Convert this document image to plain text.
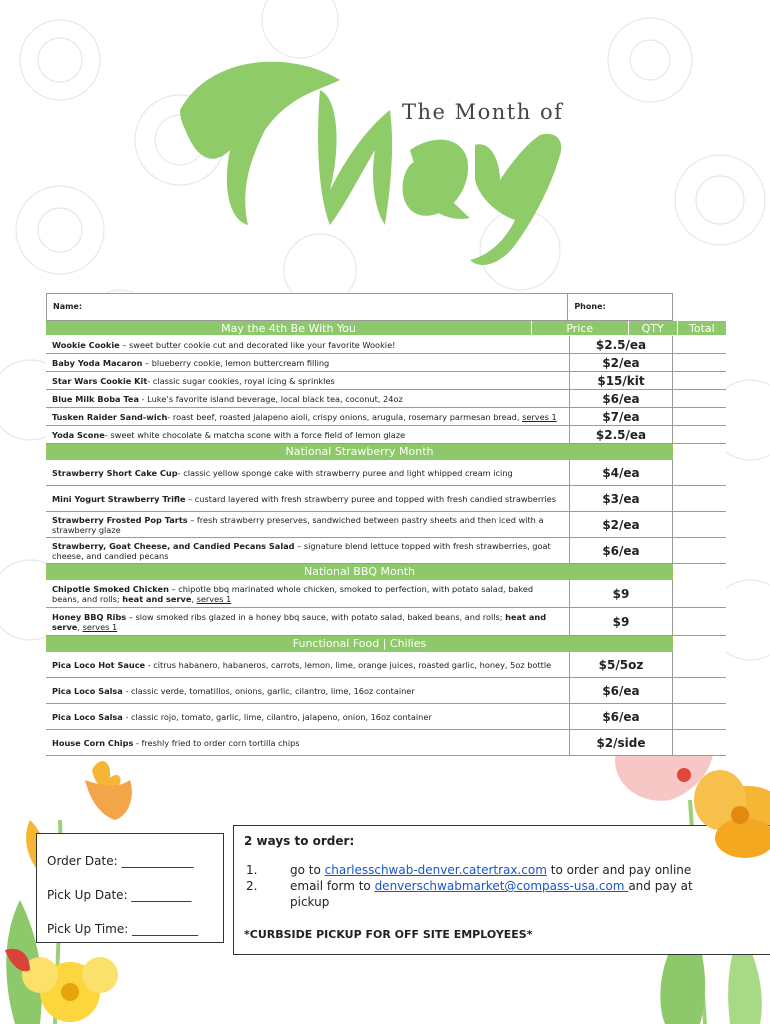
The Month of
Name:	Phone:
May the 4th Be With You	Price	QTY	Total
Wookie Cookie – sweet butter cookie cut and decorated like your favorite Wookie!	$2.5/ea
Baby Yoda Macaron – blueberry cookie, lemon buttercream filling	$2/ea
Star Wars Cookie Kit- classic sugar cookies, royal icing & sprinkles	$15/kit
Blue Milk Boba Tea - Luke’s favorite island beverage, local black tea, coconut, 24oz	$6/ea
Tusken Raider Sand-wich- roast beef, roasted jalapeno aioli, crispy onions, arugula, rosemary parmesan bread, serves 1	$7/ea
Yoda Scone- sweet white chocolate & matcha scone with a force field of lemon glaze	$2.5/ea
National Strawberry Month
Strawberry Short Cake Cup- classic yellow sponge cake with strawberry puree and light whipped cream icing	$4/ea
Mini Yogurt Strawberry Trifle – custard layered with fresh strawberry puree and topped with fresh candied strawberries	$3/ea
Strawberry Frosted Pop Tarts – fresh strawberry preserves, sandwiched between pastry sheets and then iced with a strawberry glaze	$2/ea
Strawberry, Goat Cheese, and Candied Pecans Salad – signature blend lettuce topped with fresh strawberries, goat cheese, and candied pecans	$6/ea
National BBQ Month
Chipotle Smoked Chicken – chipotle bbq marinated whole chicken, smoked to perfection, with potato salad, baked beans, and rolls; heat and serve, serves 1	$9
Honey BBQ Ribs – slow smoked ribs glazed in a honey bbq sauce, with potato salad, baked beans, and rolls; heat and serve, serves 1	$9
Functional Food | Chilies
Pica Loco Hot Sauce - citrus habanero, habaneros, carrots, lemon, lime, orange juices, roasted garlic, honey, 5oz bottle	$5/5oz
Pica Loco Salsa - classic verde, tomatillos, onions, garlic, cilantro, lime, 16oz container	$6/ea
Pica Loco Salsa - classic rojo, tomato, garlic, lime, cilantro, jalapeno, onion, 16oz container	$6/ea
House Corn Chips - freshly fried to order corn tortilla chips	$2/side
Order Date: ____________
Pick Up Date: __________
Pick Up Time: ___________
2 ways to order:
1.	go to charlesschwab-denver.catertrax.com to order and pay online
2.	email form to denverschwabmarket@compass-usa.com and pay at pickup
*CURBSIDE PICKUP FOR OFF SITE EMPLOYEES*
